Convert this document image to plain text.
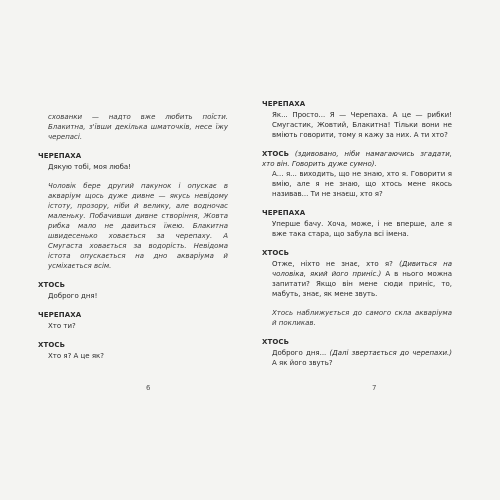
схованки — надто вже любить поїсти. Блакитна, з'ївши декілька шматочків, несе їжу черепасі.

ЧЕРЕПАХА
Дякую тобі, моя люба!

Чоловік бере другий пакунок і опускає в акваріум щось дуже дивне — якусь невідому істоту, прозору, ніби й велику, але водночас маленьку. Побачивши дивне створіння, Жовта рибка мало не давиться їжею. Блакитна швидесенько ховається за черепаху. А Смугаста ховається за водорість. Невідома істота опускається на дно акваріума й усміхається всім.

ХТОСЬ
Доброго дня!
ЧЕРЕПАХА
Хто ти?
ХТОСЬ
Хто я? А це як?
6
ЧЕРЕПАХА
Як... Просто... Я — Черепаха. А це — рибки! Смугастик, Жовтий, Блакитна! Тільки вони не вміють говорити, тому я кажу за них. А ти хто?
ХТОСЬ (здивовано, ніби намагаючись згадати, хто він. Говорить дуже сумно).
А... я... виходить, що не знаю, хто я. Говорити я вмію, але я не знаю, що хтось мене якось називав... Ти не знаєш, хто я?
ЧЕРЕПАХА
Уперше бачу. Хоча, може, і не вперше, але я вже така стара, що забула всі імена.
ХТОСЬ
Отже, ніхто не знає, хто я? (Дивиться на чоловіка, який його приніс.) А в нього можна запитати? Якщо він мене сюди приніс, то, мабуть, знає, як мене звуть.

Хтось наближується до самого скла акваріума й покликав.

ХТОСЬ
Доброго дня... (Далі звертається до черепахи.) А як його звуть?
7
